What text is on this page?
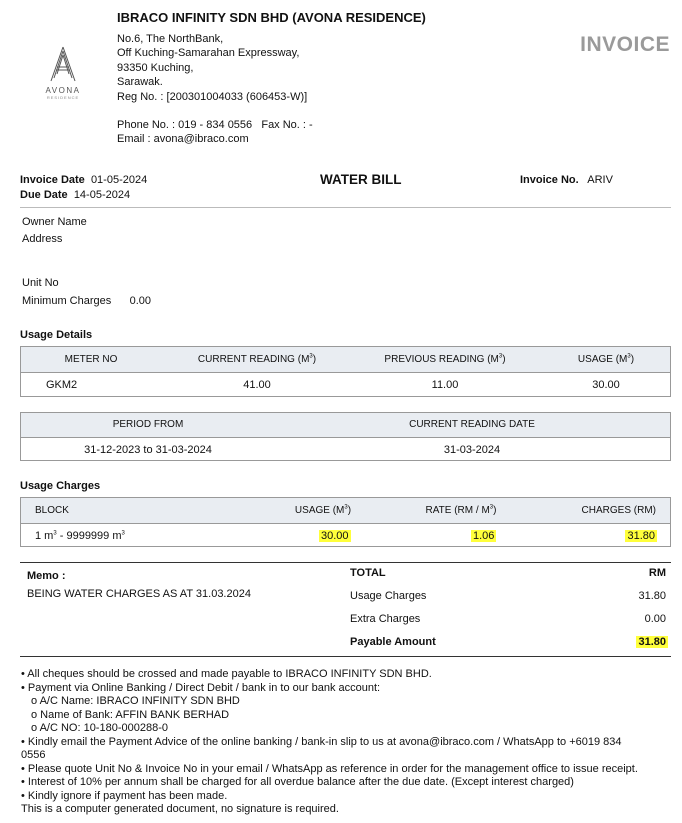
AVONA
RESIDENCE
IBRACO INFINITY SDN BHD (AVONA RESIDENCE)
No.6, The NorthBank,
Off Kuching-Samarahan Expressway,
93350 Kuching,
Sarawak.
Reg No. : [200301004033 (606453-W)]
Phone No. : 019 - 834 0556 Fax No. : -
Email : avona@ibraco.com
INVOICE
Invoice Date 01-05-2024
Due Date 14-05-2024
WATER BILL	Invoice No. ARIV
Owner Name
Address
Unit No
Minimum Charges 0.00
Usage Details
METER NO	CURRENT READING $(M^3)$	PREVIOUS READING $(M^3)$	USAGE $(M^3)$
GKM2	41.00	11.00	30.00
PERIOD FROM	CURRENT READING DATE
31-12-2023 to 31-03-2024	31-03-2024
Usage Charges
BLOCK	USAGE $(M^3)$	RATE $(RM / M^3)$	CHARGES (RM)
1 $m^3 - 9999999$ $m^3$	30.00	1.06	31.80
Memo :
BEING WATER CHARGES AS AT 31.03.2024
TOTAL	RM
Usage Charges	31.80
Extra Charges	0.00
Payable Amount	31.80
• All cheques should be crossed and made payable to IBRACO INFINITY SDN BHD.
• Payment via Online Banking / Direct Debit / bank in to our bank account:
o A/C Name: IBRACO INFINITY SDN BHD
o Name of Bank: AFFIN BANK BERHAD
o A/C NO: 10-180-000288-0
• Kindly email the Payment Advice of the online banking / bank-in slip to us at avona@ibraco.com / WhatsApp to +6019 834
0556
• Please quote Unit No & Invoice No in your email / WhatsApp as reference in order for the management office to issue receipt.
• Interest of 10% per annum shall be charged for all overdue balance after the due date. (Except interest charged)
• Kindly ignore if payment has been made.
This is a computer generated document, no signature is required.
